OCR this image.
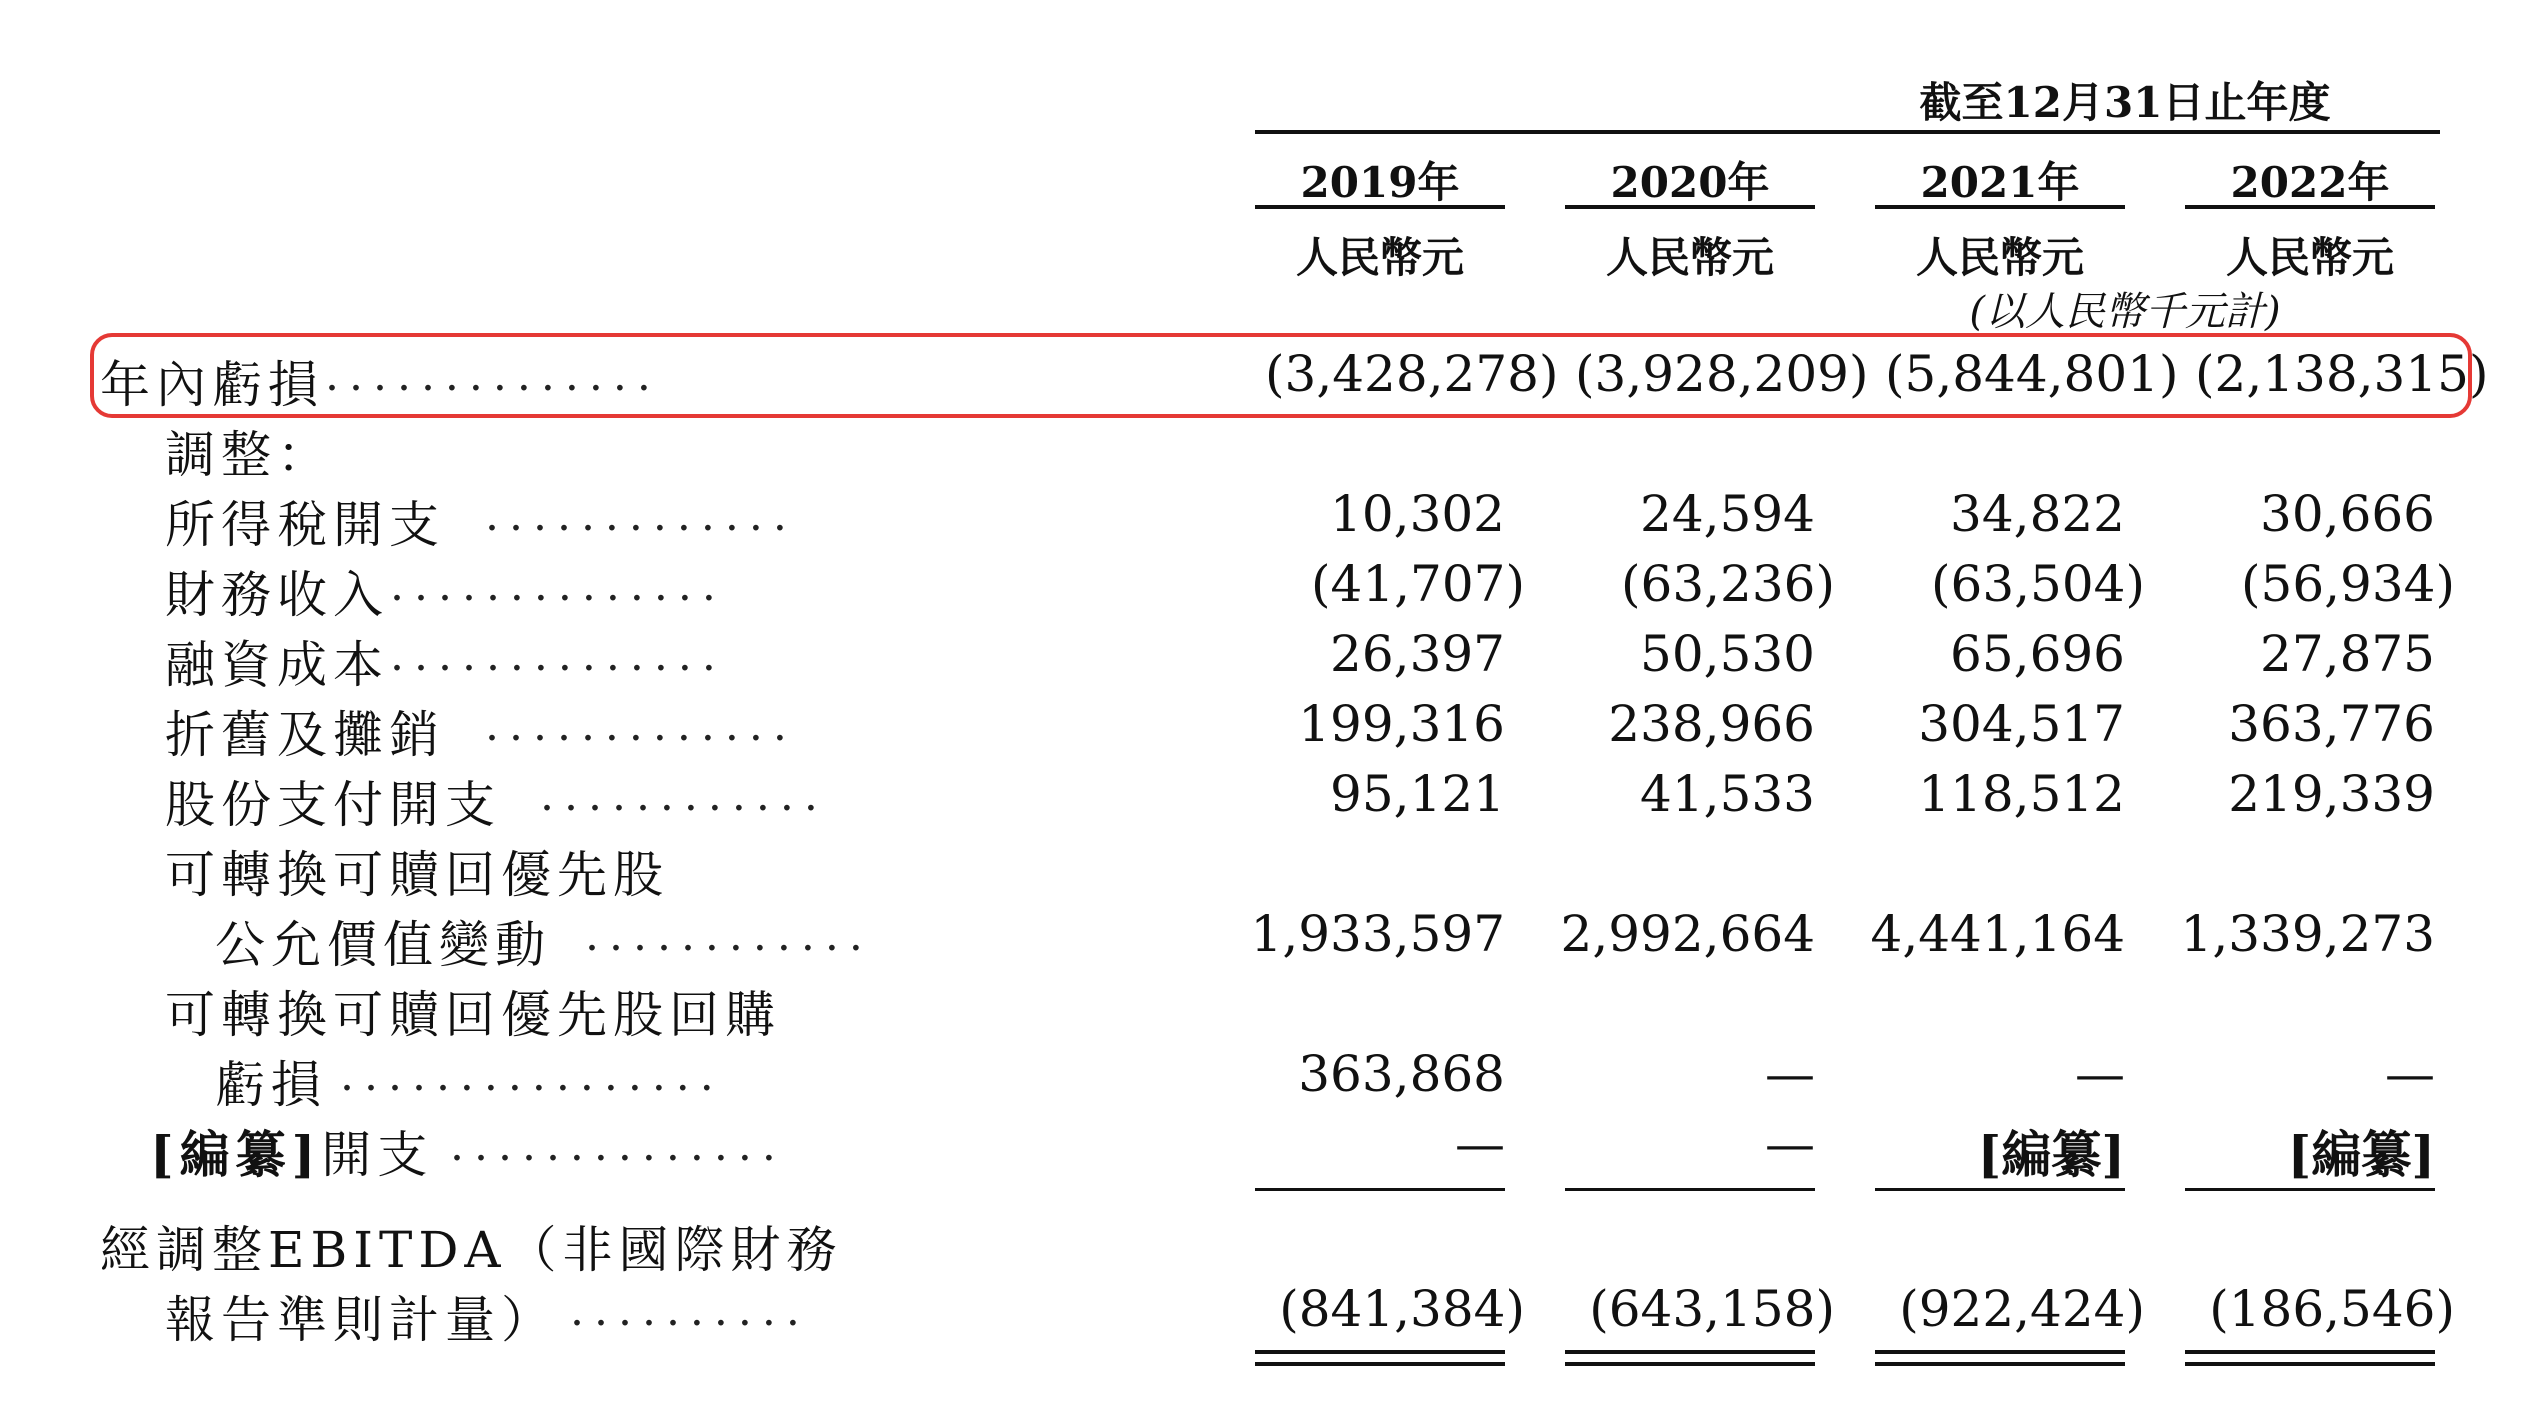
截至12月31日止年度
2019年	2020年	2021年	2022年
人民幣元	人民幣元	人民幣元	人民幣元
(以人民幣千元計)
年內虧損 ..............	(3,428,278) (3,928,209) (5,844,801) (2,138,315)
調整：
所得稅開支 .............	10,302	24,594	34,822	30,666
財務收入 ..............	(41,707)	(63,236)	(63,504)	(56,934)
融資成本 ..............	26,397	50,530	65,696	27,875
折舊及攤銷 .............	199,316	238,966	304,517	363,776
股份支付開支 ............	95,121	41,533	118,512	219,339
可轉換可贖回優先股
公允價值變動 ............	1,933,597 2,992,664 4,441,164 1,339,273
可轉換可贖回優先股回購
虧損 ................	363,868	—	—	—
[編纂]開支 ..............	—	—	[編纂]	[編纂]
經調整EBITDA（非國際財務
報告準則計量） ..........	(841,384) (643,158) (922,424) (186,546)
